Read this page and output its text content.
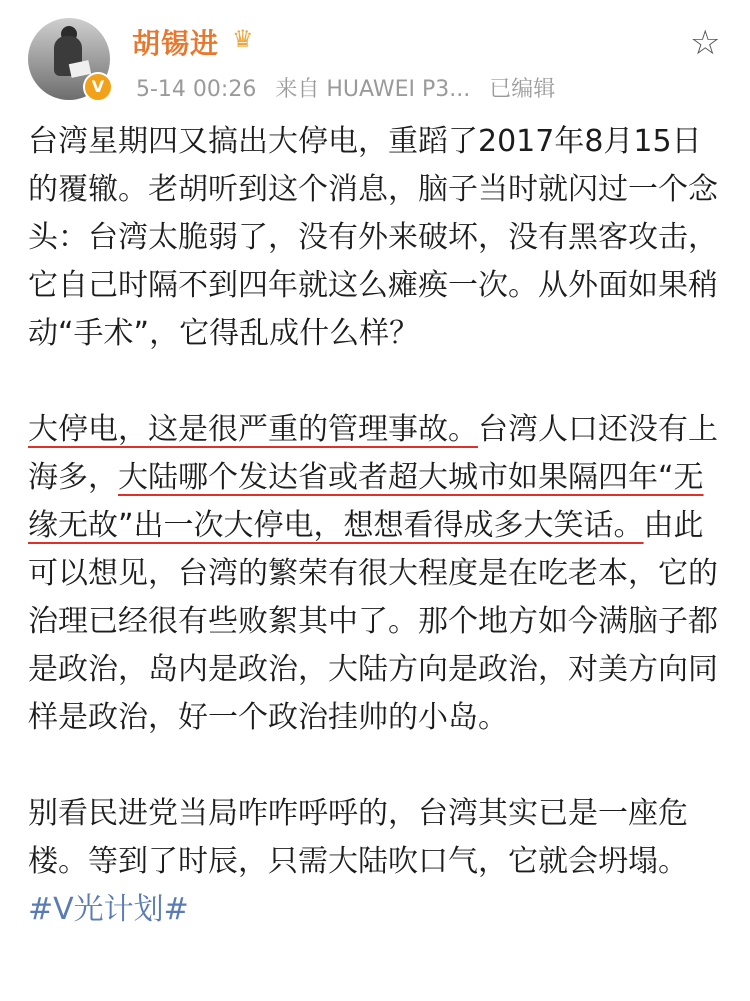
V
胡锡进 ♛
5-14 00:26 来自 HUAWEI P3... 已编辑
☆

台湾星期四又搞出大停电，重蹈了2017年8月15日的覆辙。老胡听到这个消息，脑子当时就闪过一个念头：台湾太脆弱了，没有外来破坏，没有黑客攻击，它自己时隔不到四年就这么瘫痪一次。从外面如果稍动“手术”，它得乱成什么样？

大停电，这是很严重的管理事故。台湾人口还没有上海多，大陆哪个发达省或者超大城市如果隔四年“无缘无故”出一次大停电，想想看得成多大笑话。由此可以想见，台湾的繁荣有很大程度是在吃老本，它的治理已经很有些败絮其中了。那个地方如今满脑子都是政治，岛内是政治，大陆方向是政治，对美方向同样是政治，好一个政治挂帅的小岛。

别看民进党当局咋咋呼呼的，台湾其实已是一座危楼。等到了时辰，只需大陆吹口气，它就会坍塌。 #V光计划#
